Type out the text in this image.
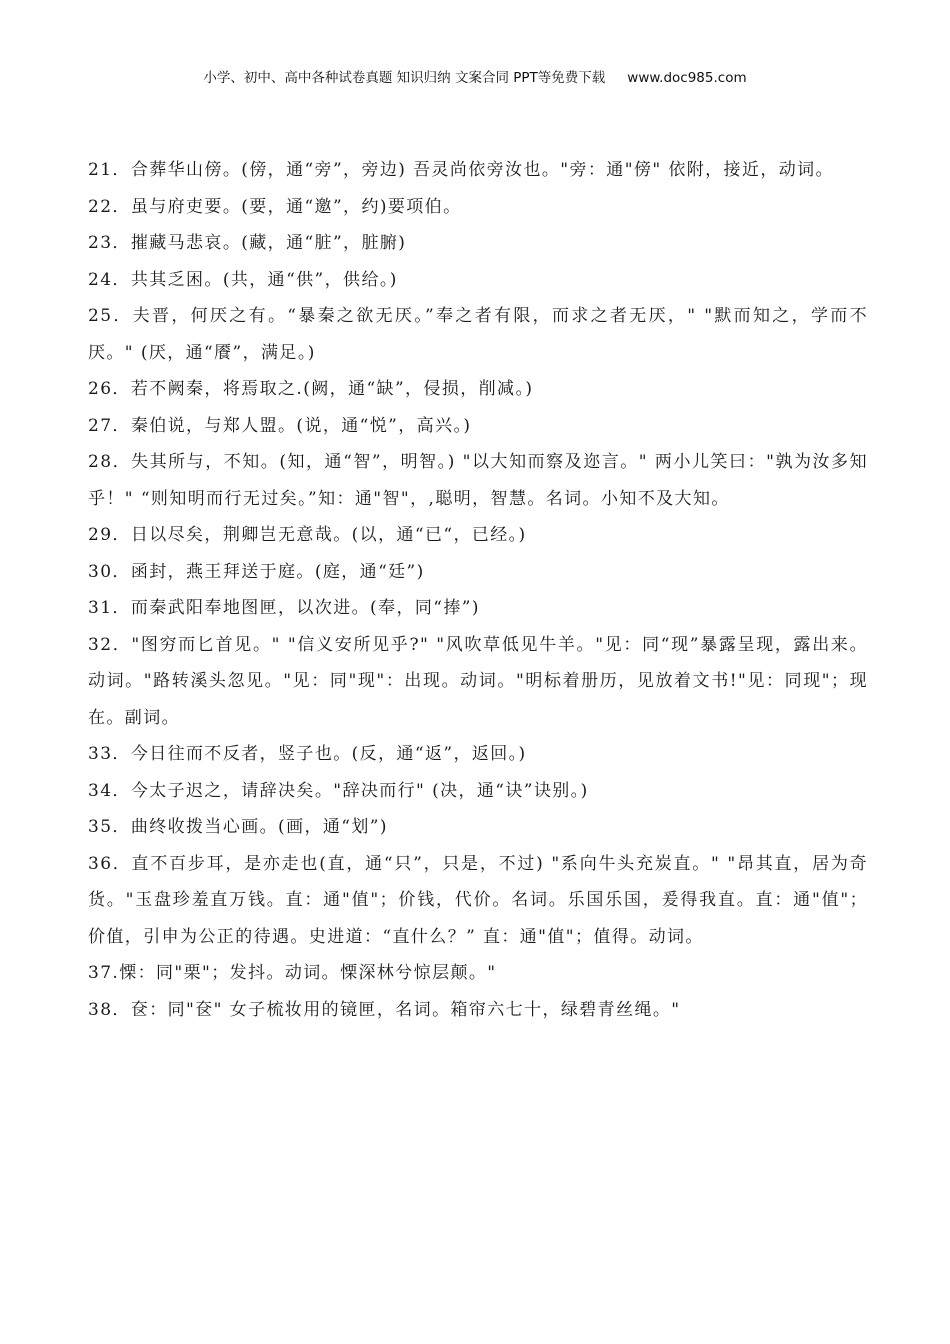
小学、初中、高中各种试卷真题 知识归纳 文案合同 PPT等免费下载 www.doc985.com

21．合葬华山傍。(傍，通“旁”，旁边) 吾灵尚依旁汝也。"旁：通"傍" 依附，接近，动词。

22．虽与府吏要。(要，通“邀”，约)要项伯。

23．摧藏马悲哀。(藏，通“脏”，脏腑)

24．共其乏困。(共，通“供”，供给。)

25．夫晋，何厌之有。“暴秦之欲无厌。”奉之者有限，而求之者无厌，" "默而知之，学而不厌。" (厌，通“餍”，满足。)

26．若不阙秦，将焉取之.(阙，通“缺”，侵损，削减。)

27．秦伯说，与郑人盟。(说，通“悦”，高兴。)

28．失其所与，不知。(知，通“智”，明智。) "以大知而察及迩言。" 两小儿笑曰："孰为汝多知乎！" “则知明而行无过矣。”知：通"智"，,聪明，智慧。名词。小知不及大知。

29．日以尽矣，荆卿岂无意哉。(以，通“已“，已经。)

30．函封，燕王拜送于庭。(庭，通“廷”)

31．而秦武阳奉地图匣，以次进。(奉，同“捧”)

32．"图穷而匕首见。" "信义安所见乎?" "风吹草低见牛羊。"见：同“现”暴露呈现，露出来。动词。"路转溪头忽见。"见：同"现"：出现。动词。"明标着册历，见放着文书!"见：同现"；现在。副词。

33．今日往而不反者，竖子也。(反，通“返”，返回。)

34．今太子迟之，请辞决矣。"辞决而行" (决，通“诀”诀别。)

35．曲终收拨当心画。(画，通“划”)

36．直不百步耳，是亦走也(直，通“只”，只是，不过) "系向牛头充炭直。" "昂其直，居为奇货。"玉盘珍羞直万钱。直：通"值"；价钱，代价。名词。乐国乐国，爰得我直。直：通"值"；价值，引申为公正的待遇。史进道：“直什么？” 直：通"值"；值得。动词。

37.慄：同"栗"；发抖。动词。慄深林兮惊层颠。"

38．奁：同"奁" 女子梳妆用的镜匣，名词。箱帘六七十，绿碧青丝绳。"
